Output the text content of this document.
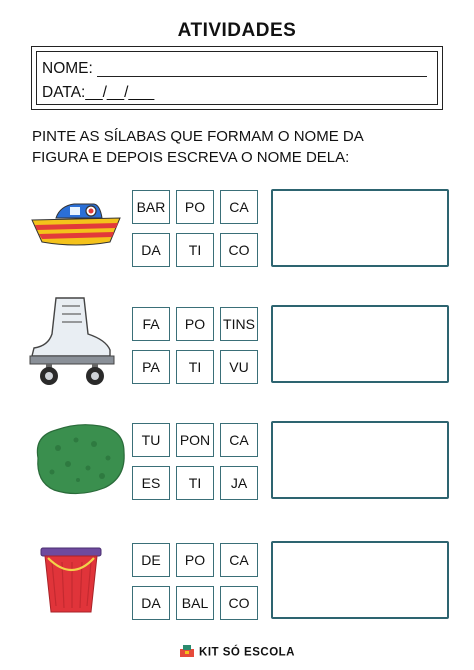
ATIVIDADES
NOME:
DATA:__/__/___
PINTE AS SÍLABAS QUE FORMAM O NOME DA
FIGURA E DEPOIS ESCREVA O NOME DELA:
BAR	PO	CA
DA	TI	CO
FA	PO	TINS
PA	TI	VU
TU	PON	CA
ES	TI	JA
DE	PO	CA
DA	BAL	CO
KIT SÓ ESCOLA
